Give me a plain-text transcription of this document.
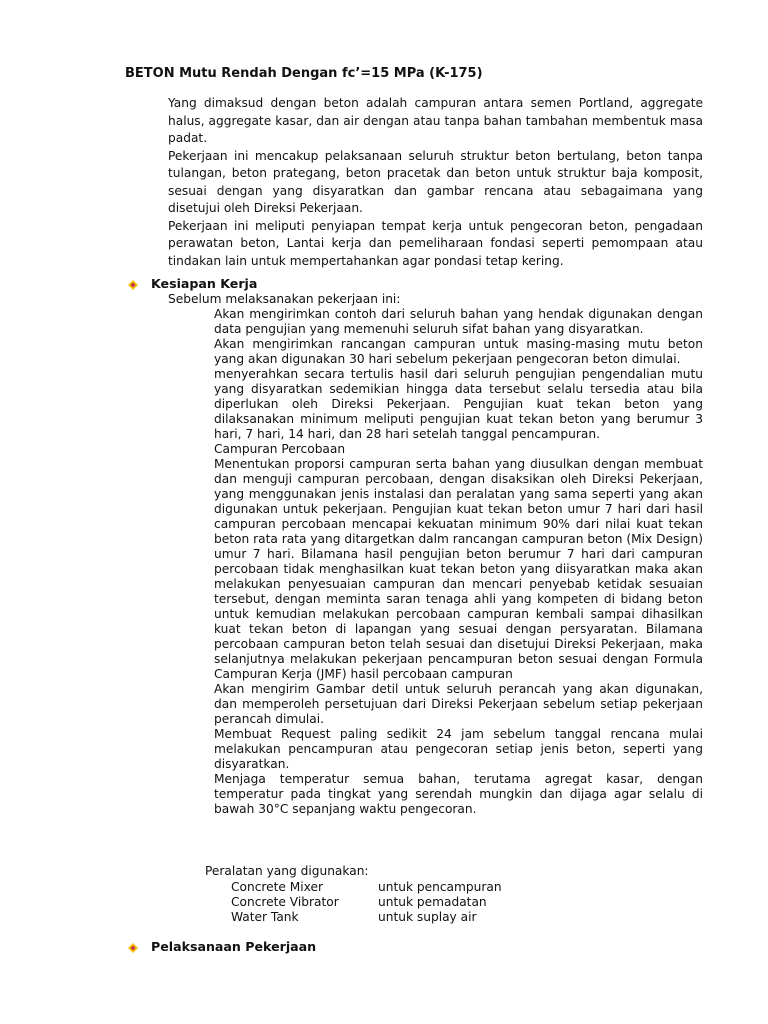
BETON Mutu Rendah Dengan fc’=15 MPa (K-175)

Yang dimaksud dengan beton adalah campuran antara semen Portland, aggregate halus, aggregate kasar, dan air dengan atau tanpa bahan tambahan membentuk masa padat.

Pekerjaan ini mencakup pelaksanaan seluruh struktur beton bertulang, beton tanpa tulangan, beton prategang, beton pracetak dan beton untuk struktur baja komposit, sesuai dengan yang disyaratkan dan gambar rencana atau sebagaimana yang disetujui oleh Direksi Pekerjaan.

Pekerjaan ini meliputi penyiapan tempat kerja untuk pengecoran beton, pengadaan perawatan beton, Lantai kerja dan pemeliharaan fondasi seperti pemompaan atau tindakan lain untuk mempertahankan agar pondasi tetap kering.

Kesiapan Kerja
Sebelum melaksanakan pekerjaan ini:

Akan mengirimkan contoh dari seluruh bahan yang hendak digunakan dengan data pengujian yang memenuhi seluruh sifat bahan yang disyaratkan.

Akan mengirimkan rancangan campuran untuk masing-masing mutu beton yang akan digunakan 30 hari sebelum pekerjaan pengecoran beton dimulai.

menyerahkan secara tertulis hasil dari seluruh pengujian pengendalian mutu yang disyaratkan sedemikian hingga data tersebut selalu tersedia atau bila diperlukan oleh Direksi Pekerjaan. Pengujian kuat tekan beton yang dilaksanakan minimum meliputi pengujian kuat tekan beton yang berumur 3 hari, 7 hari, 14 hari, dan 28 hari setelah tanggal pencampuran.

Campuran Percobaan

Menentukan proporsi campuran serta bahan yang diusulkan dengan membuat dan menguji campuran percobaan, dengan disaksikan oleh Direksi Pekerjaan, yang menggunakan jenis instalasi dan peralatan yang sama seperti yang akan digunakan untuk pekerjaan. Pengujian kuat tekan beton umur 7 hari dari hasil campuran percobaan mencapai kekuatan minimum 90% dari nilai kuat tekan beton rata rata yang ditargetkan dalm rancangan campuran beton (Mix Design) umur 7 hari. Bilamana hasil pengujian beton berumur 7 hari dari campuran percobaan tidak menghasilkan kuat tekan beton yang diisyaratkan maka akan melakukan penyesuaian campuran dan mencari penyebab ketidak sesuaian tersebut, dengan meminta saran tenaga ahli yang kompeten di bidang beton untuk kemudian melakukan percobaan campuran kembali sampai dihasilkan kuat tekan beton di lapangan yang sesuai dengan persyaratan. Bilamana percobaan campuran beton telah sesuai dan disetujui Direksi Pekerjaan, maka selanjutnya melakukan pekerjaan pencampuran beton sesuai dengan Formula Campuran Kerja (JMF) hasil percobaan campuran

Akan mengirim Gambar detil untuk seluruh perancah yang akan digunakan, dan memperoleh persetujuan dari Direksi Pekerjaan sebelum setiap pekerjaan perancah dimulai.

Membuat Request paling sedikit 24 jam sebelum tanggal rencana mulai melakukan pencampuran atau pengecoran setiap jenis beton, seperti yang disyaratkan.

Menjaga temperatur semua bahan, terutama agregat kasar, dengan temperatur pada tingkat yang serendah mungkin dan dijaga agar selalu di bawah 30°C sepanjang waktu pengecoran.

Peralatan yang digunakan:
Concrete Mixer	untuk pencampuran
Concrete Vibrator	untuk pemadatan
Water Tank	untuk suplay air
Pelaksanaan Pekerjaan
